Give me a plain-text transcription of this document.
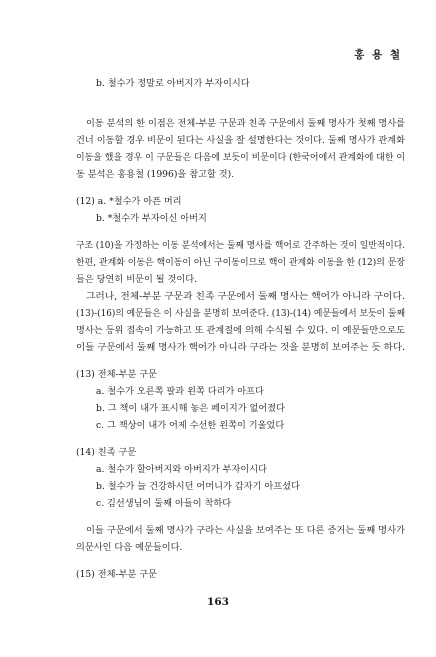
홍 용 철
b. 철수가 정말로 아버지가 부자이시다
이동 분석의 한 이점은 전체-부분 구문과 친족 구문에서 둘째 명사가 첫째 명사를
건너 이동할 경우 비문이 된다는 사실을 잘 설명한다는 것이다. 둘째 명사가 관계화
이동을 했을 경우 이 구문들은 다음에 보듯이 비문이다 (한국어에서 관계화에 대한 이
동 분석은 홍용철 (1996)을 참고할 것).
(12) a. *철수가 아픈 머리
b. *철수가 부자이신 아버지
구조 (10)을 가정하는 이동 분석에서는 둘째 명사를 핵어로 간주하는 것이 일반적이다.
한편, 관계화 이동은 핵이동이 아닌 구이동이므로 핵이 관계화 이동을 한 (12)의 문장
들은 당연히 비문이 될 것이다.
그러나, 전체-부분 구문과 친족 구문에서 둘째 명사는 핵어가 아니라 구이다.
(13)-(16)의 예문들은 이 사실을 분명히 보여준다. (13)-(14) 예문들에서 보듯이 둘째
명사는 등위 접속이 가능하고 또 관계절에 의해 수식될 수 있다. 이 예문들만으로도
이들 구문에서 둘째 명사가 핵어가 아니라 구라는 것을 분명히 보여주는 듯 하다.
(13) 전체-부분 구문
a. 철수가 오른쪽 팔과 왼쪽 다리가 아프다
b. 그 책이 내가 표시해 놓은 페이지가 없어졌다
c. 그 책상이 내가 어제 수선한 왼쪽이 기울었다
(14) 친족 구문
a. 철수가 할아버지와 아버지가 부자이시다
b. 철수가 늘 건강하시던 어머니가 갑자기 아프셨다
c. 김선생님이 둘째 아들이 착하다
이들 구문에서 둘째 명사가 구라는 사실을 보여주는 또 다른 증거는 둘째 명사가
의문사인 다음 예문들이다.
(15) 전체-부분 구문
163
